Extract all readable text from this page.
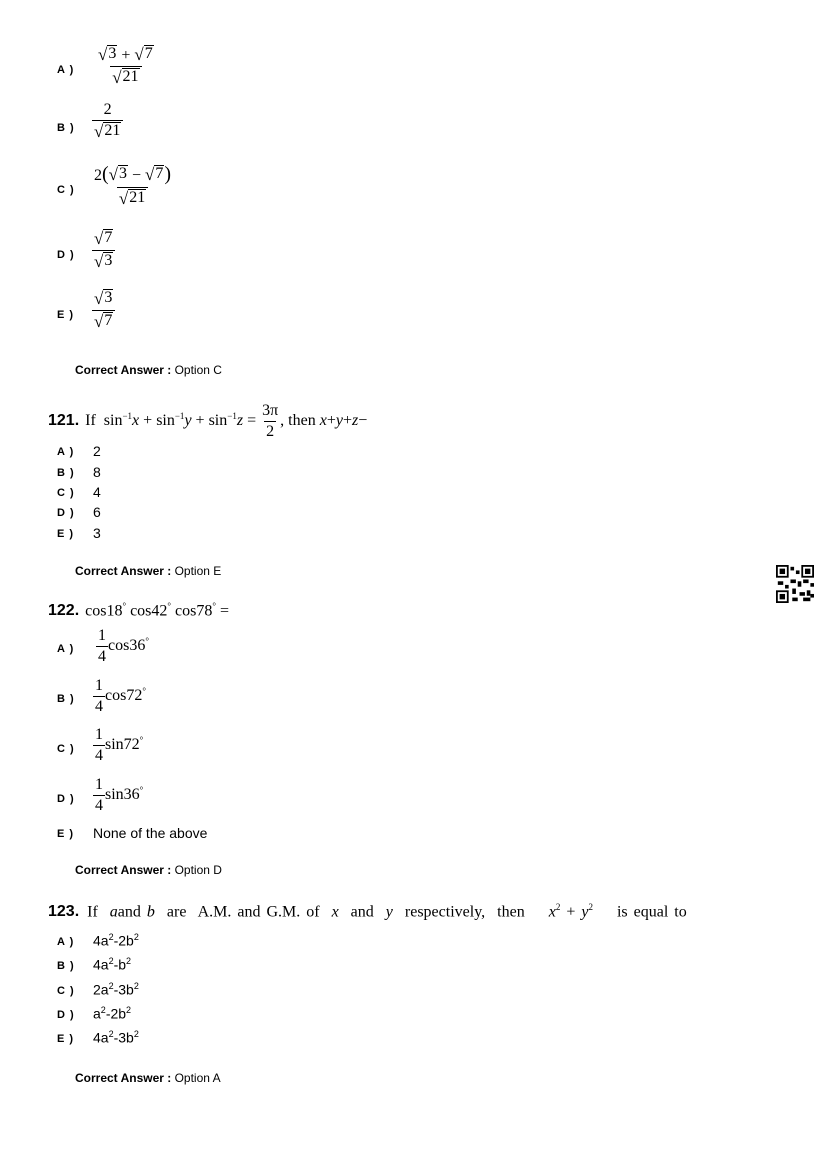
A ) $\frac{√ 3 + √ 7}{√ 21}$
B ) $\frac{2}{√ 21}$
C ) $\frac{2( √ 3 - √ 7 )}{√ 21}$
D ) $\frac{√ 7}{√ 3}$
E ) $\frac{√ 3}{√ 7}$
Correct Answer : Option C
121. If $\sin^{-1}x + \sin^{-1}y + \sin^{-1}z = \frac{3\pi}{2}$ , then x+y+z−
A ) 2
B ) 8
C ) 4
D ) 6
E ) 3
Correct Answer : Option E
122. cos18° cos42° cos78° =
A ) $\frac{1}{4} \cos 36^\circ$
B ) $\frac{1}{4} \cos 72^\circ$
C ) $\frac{1}{4} \sin 72^\circ$
D ) $\frac{1}{4} \sin 36^\circ$
E ) None of the above
Correct Answer : Option D
123. If aand b are A.M. and G.M. of x and y respectively, then $x^2 + y^2$ is equal to
A ) $4a^2-2b^2$
B ) $4a^2-b^2$
C ) $2a^2-3b^2$
D ) $a^2-2b^2$
E ) $4a^2-3b^2$
Correct Answer : Option A
